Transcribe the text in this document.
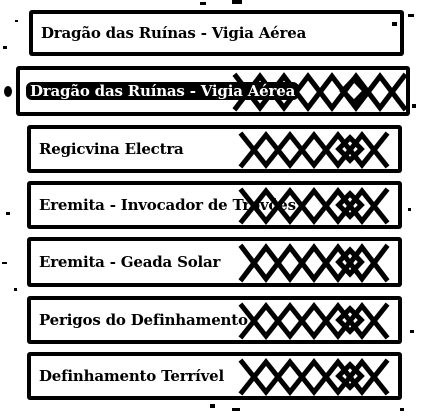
Dragão das Ruínas - Vigia Aérea
Dragão das Ruínas - Vigia Aérea
Regicvina Electra
Eremita - Invocador de Trovões
Eremita - Geada Solar
Perigos do Definhamento
Definhamento Terrível
